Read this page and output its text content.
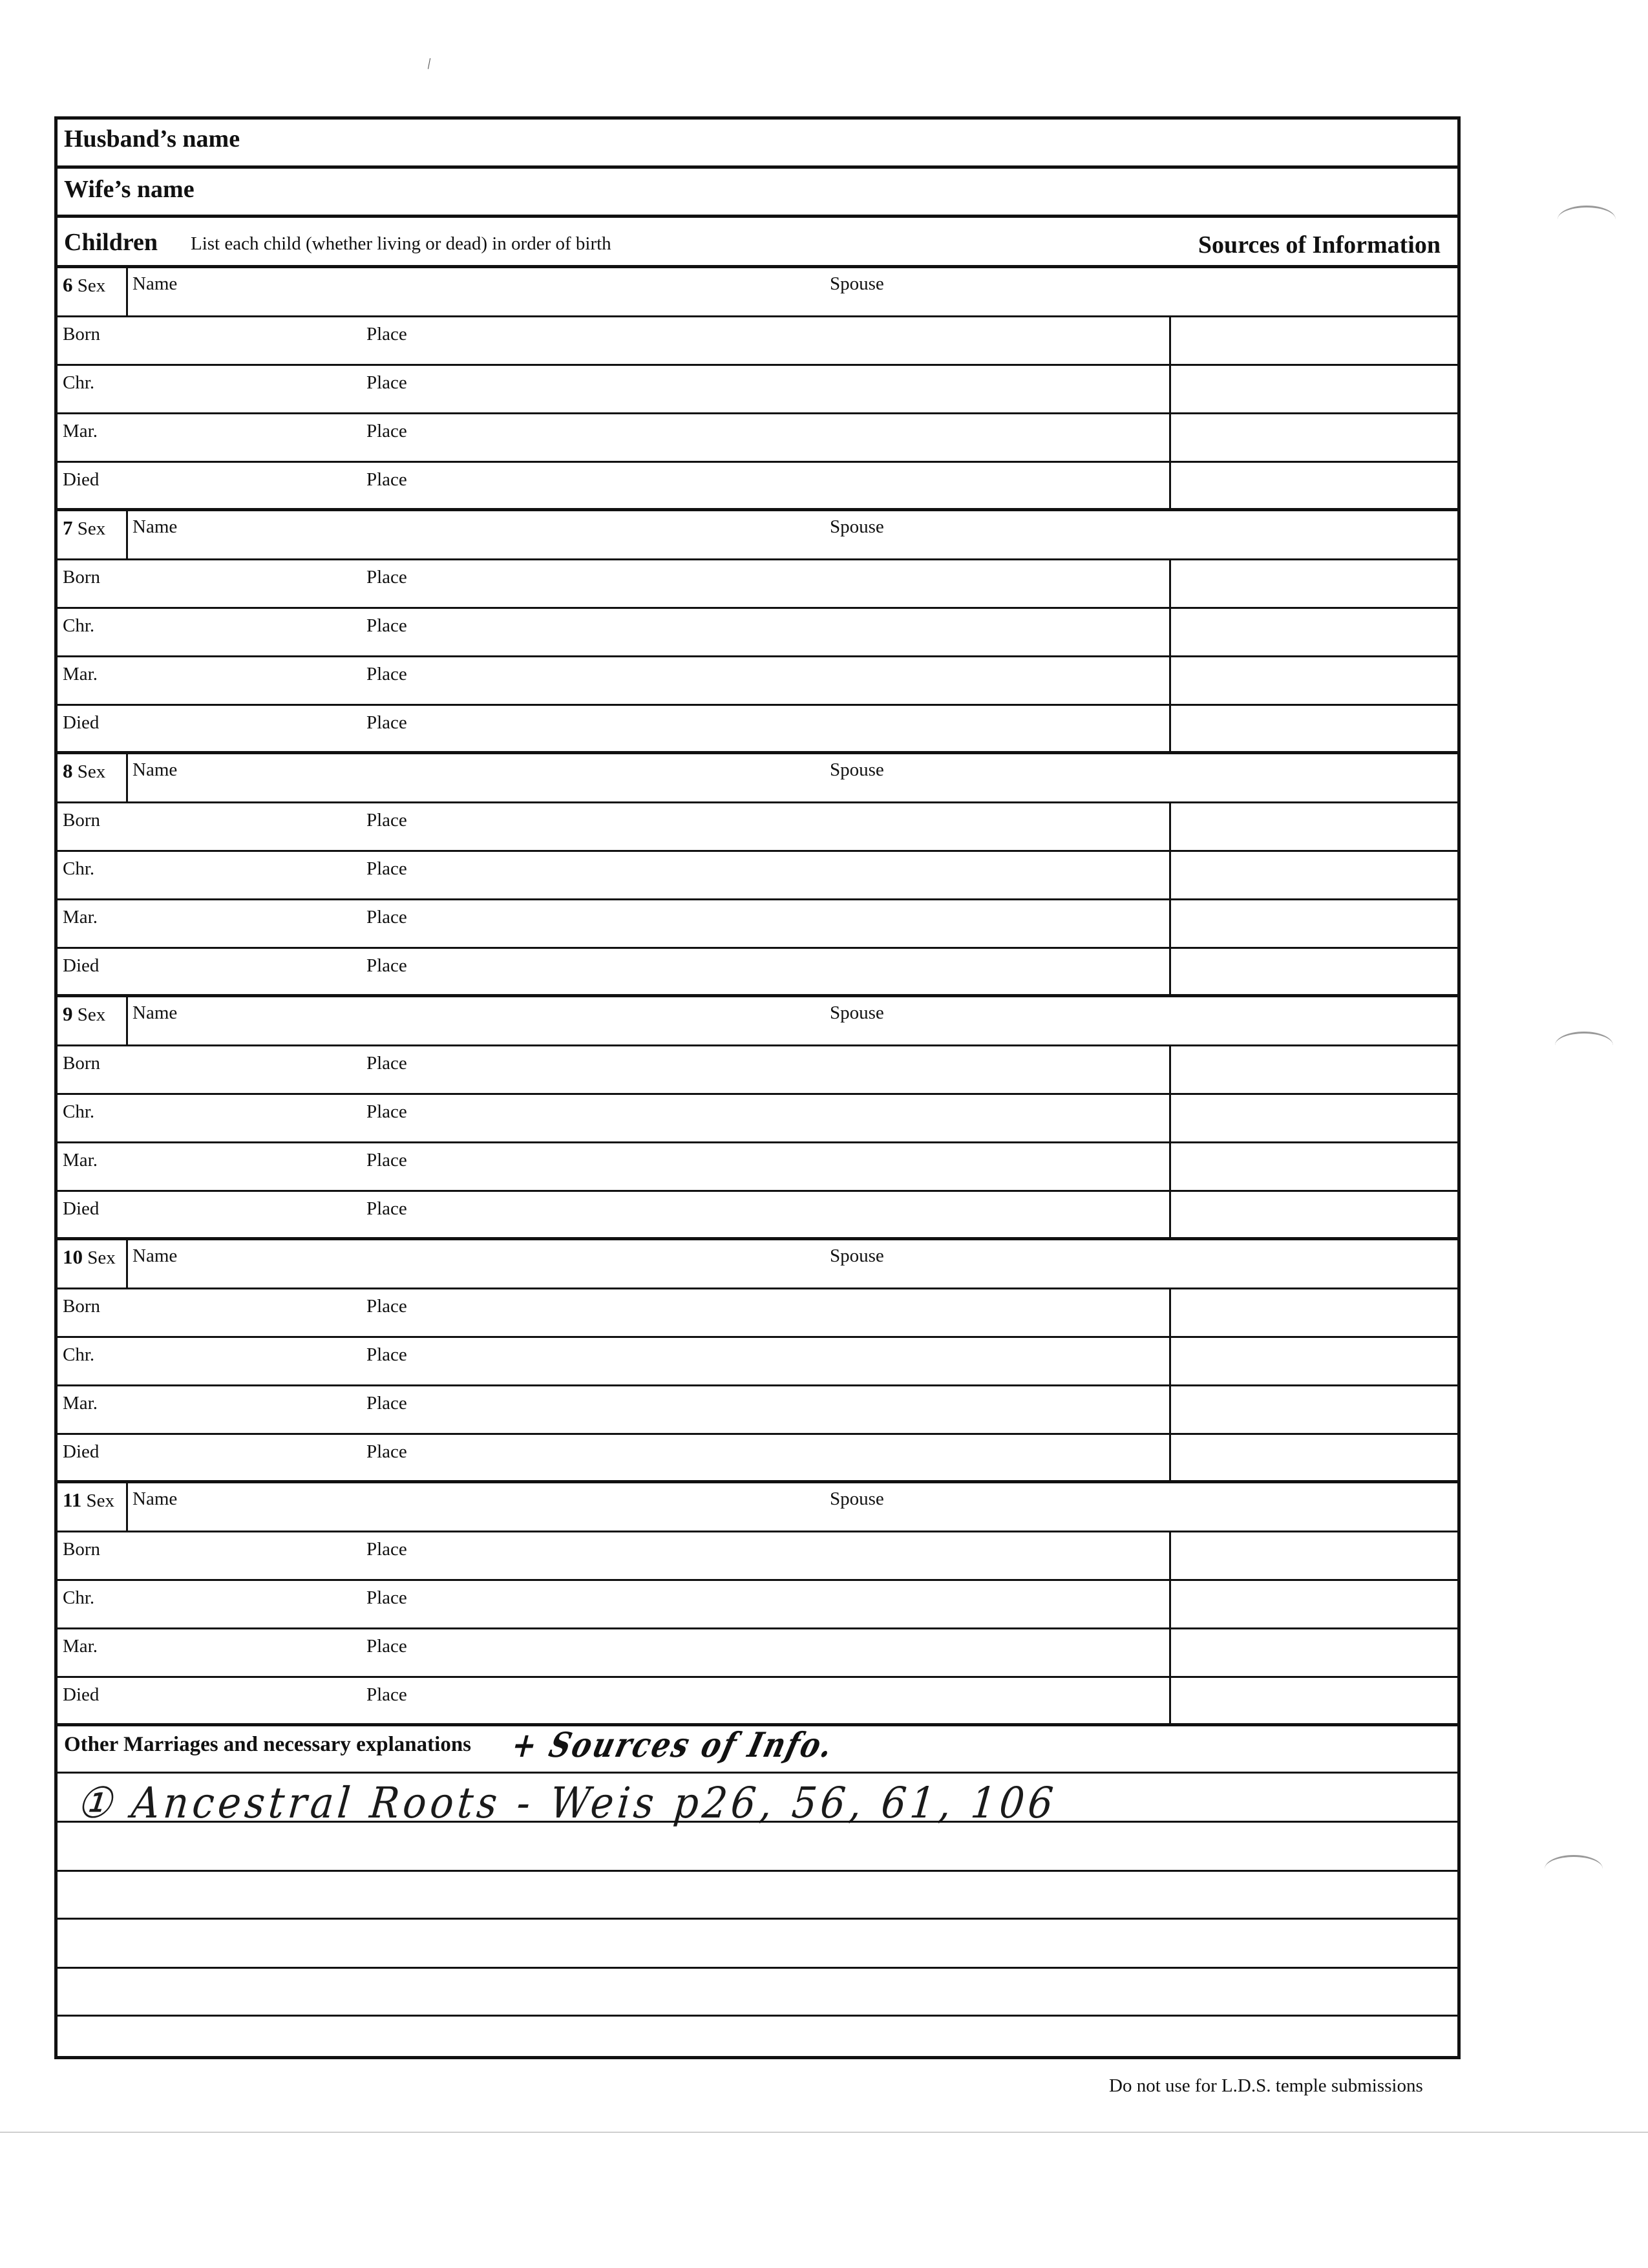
\
Husband’s name
Wife’s name
Children List each child (whether living or dead) in order of birth	Sources of Information
6 Sex Name	Spouse
Born	Place
Chr.	Place
Mar.	Place
Died	Place
7 Sex Name	Spouse
Born	Place
Chr.	Place
Mar.	Place
Died	Place
8 Sex Name	Spouse
Born	Place
Chr.	Place
Mar.	Place
Died	Place
9 Sex Name	Spouse
Born	Place
Chr.	Place
Mar.	Place
Died	Place
10 Sex Name	Spouse
Born	Place
Chr.	Place
Mar.	Place
Died	Place
11 Sex Name	Spouse
Born	Place
Chr.	Place
Mar.	Place
Died	Place
Other Marriages and necessary explanations + Sources of Info.
① Ancestral Roots - Weis p26, 56, 61, 106
Do not use for L.D.S. temple submissions
